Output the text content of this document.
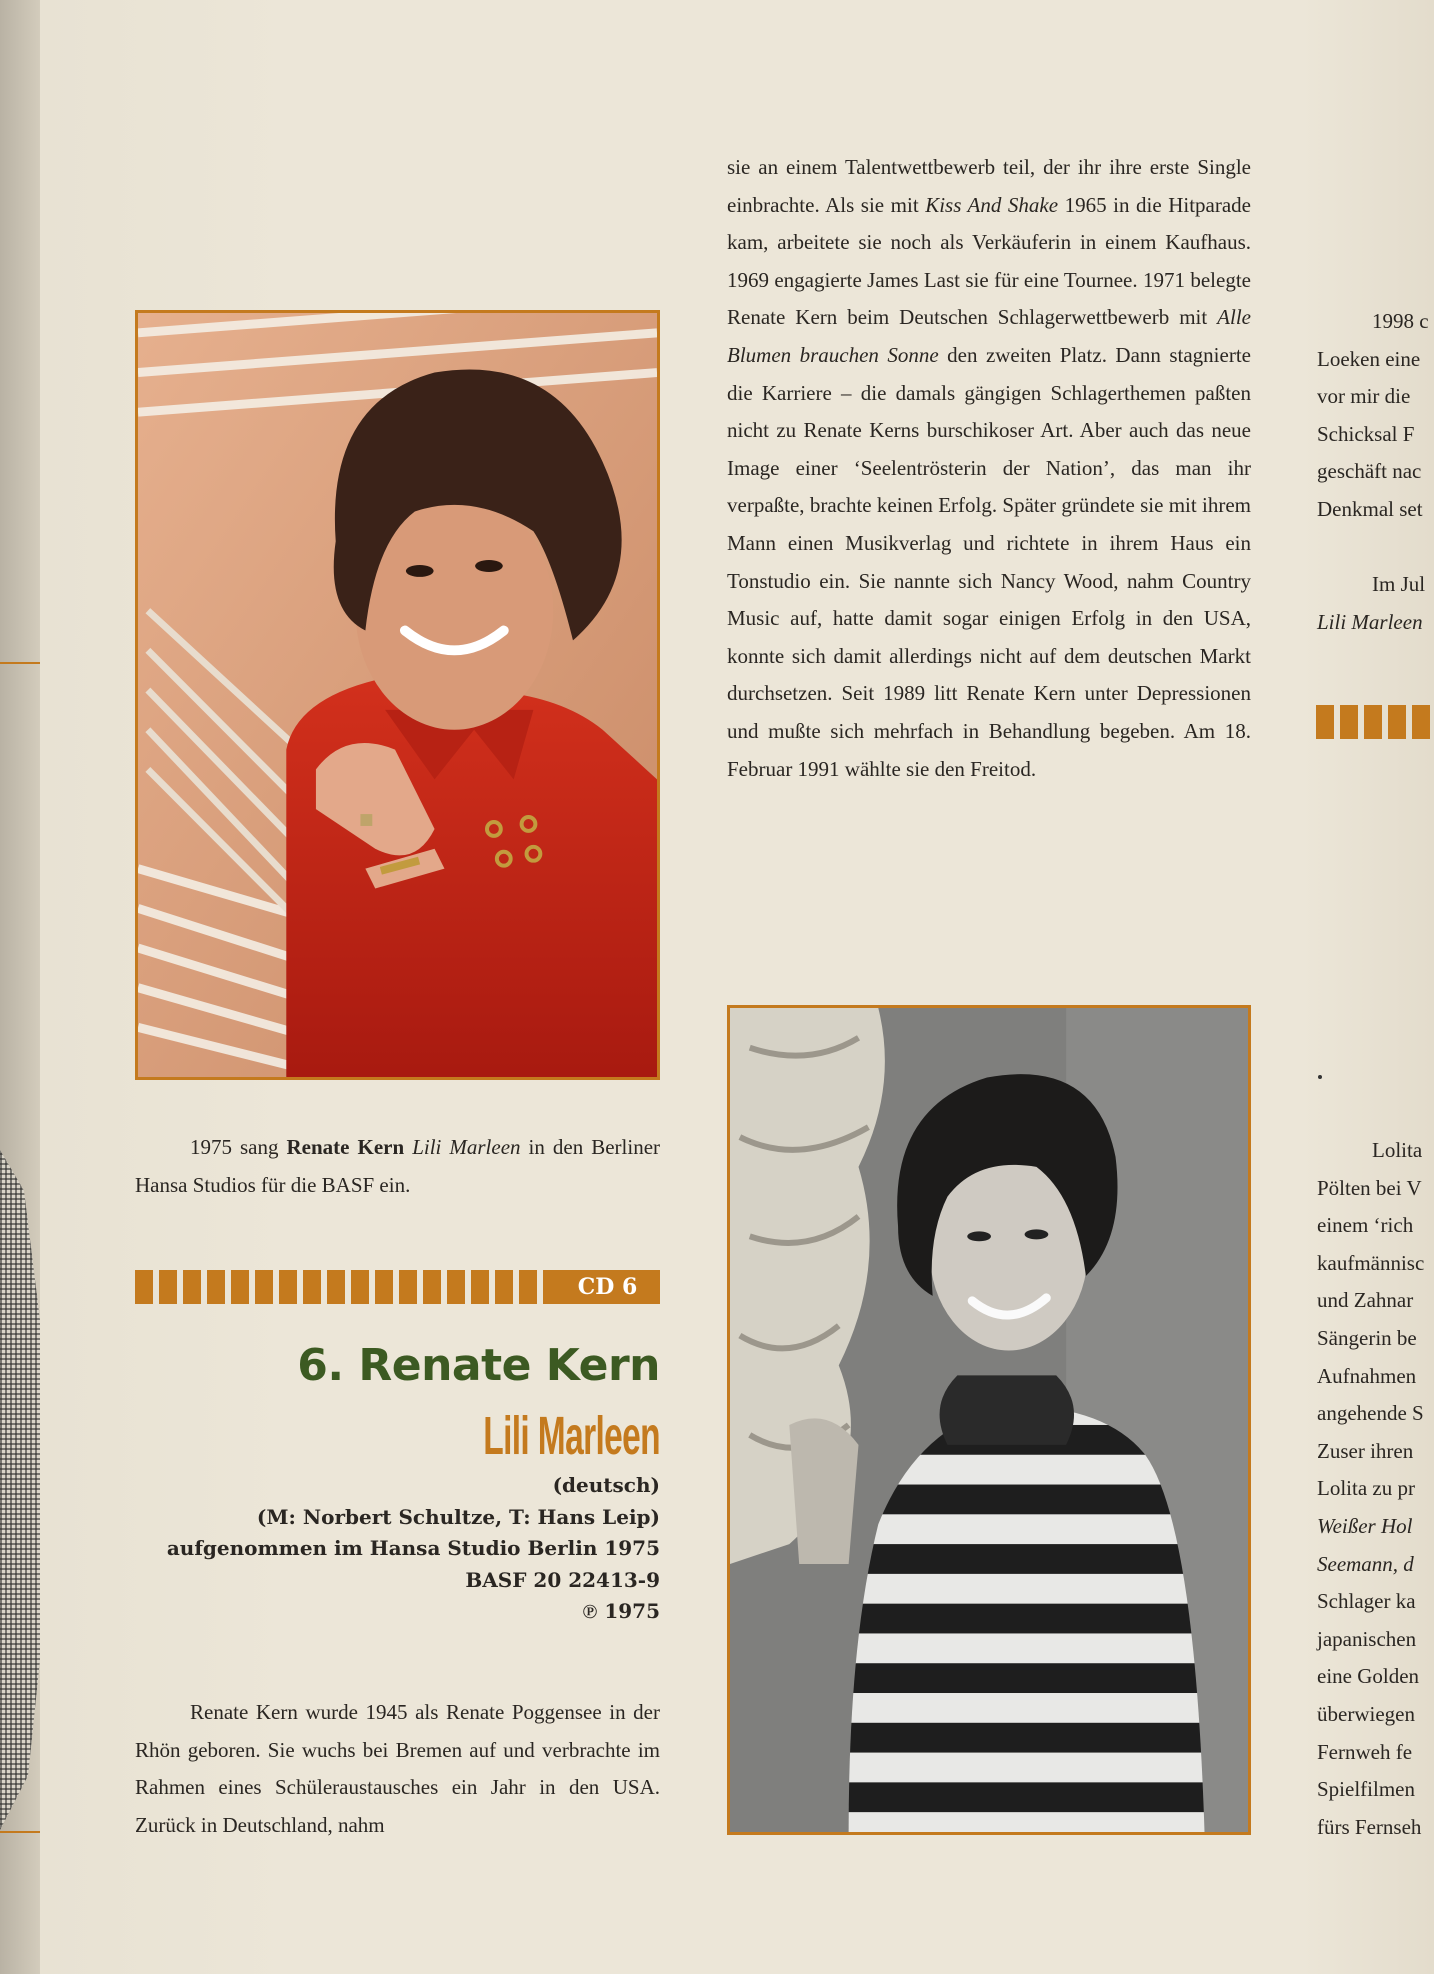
sie an einem Talentwettbewerb teil, der ihr ihre erste Single einbrachte. Als sie mit Kiss And Shake 1965 in die Hitparade kam, arbeitete sie noch als Verkäuferin in einem Kaufhaus. 1969 engagierte James Last sie für eine Tournee. 1971 belegte Renate Kern beim Deutschen Schlagerwettbewerb mit Alle Blumen brauchen Sonne den zweiten Platz. Dann stagnierte die Karriere – die damals gängigen Schlagerthemen paßten nicht zu Renate Kerns burschikoser Art. Aber auch das neue Image einer ‘Seelentrösterin der Nation’, das man ihr verpaßte, brachte keinen Erfolg. Später gründete sie mit ihrem Mann einen Musikverlag und richtete in ihrem Haus ein Tonstudio ein. Sie nannte sich Nancy Wood, nahm Country Music auf, hatte damit sogar einigen Erfolg in den USA, konnte sich damit allerdings nicht auf dem deutschen Markt durchsetzen. Seit 1989 litt Renate Kern unter Depressionen und mußte sich mehrfach in Behandlung begeben. Am 18. Februar 1991 wählte sie den Freitod.

1975 sang Renate Kern Lili Marleen in den Berliner Hansa Studios für die BASF ein.

CD 6
6. Renate Kern
Lili Marleen
(deutsch)
(M: Norbert Schultze, T: Hans Leip)
aufgenommen im Hansa Studio Berlin 1975
BASF 20 22413-9
℗ 1975

Renate Kern wurde 1945 als Renate Poggensee in der Rhön geboren. Sie wuchs bei Bremen auf und verbrachte im Rahmen eines Schüleraustausches ein Jahr in den USA. Zurück in Deutschland, nahm

1998 c
Loeken eine
vor mir die
Schicksal F
geschäft nac
Denkmal set
Im Jul
Lili Marleen
Lolita
Pölten bei V
einem ‘rich
kaufmännisc
und Zahnar
Sängerin be
Aufnahmen
angehende S
Zuser ihren
Lolita zu pr
Weißer Hol
Seemann, d
Schlager ka
japanischen
eine Golden
überwiegen
Fernweh fe
Spielfilmen
fürs Fernseh
